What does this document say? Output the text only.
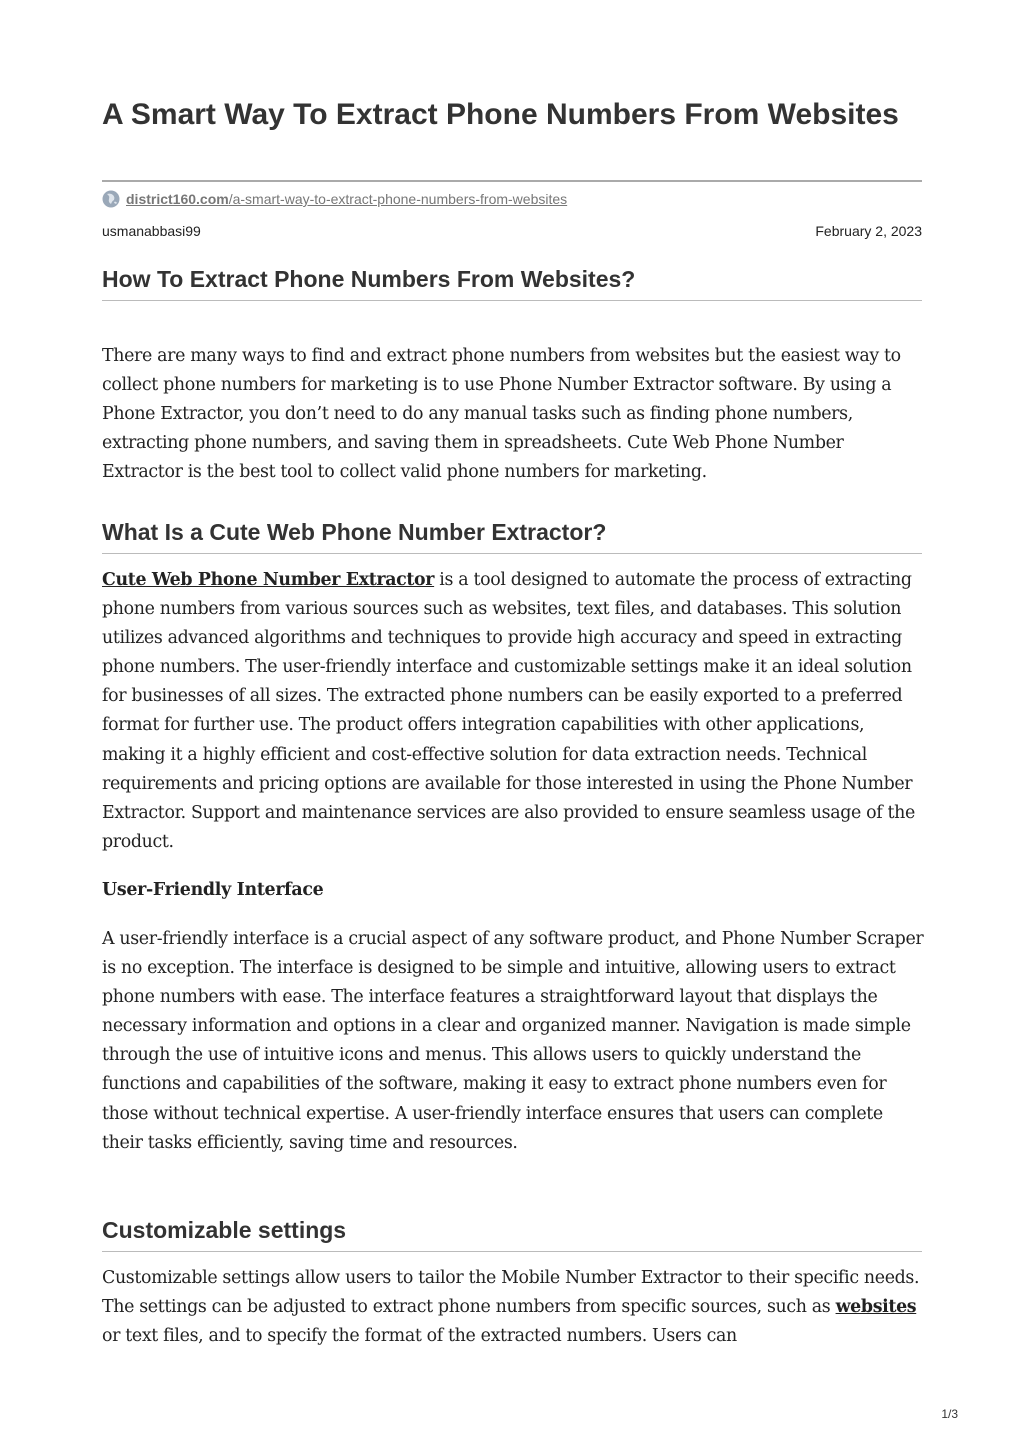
A Smart Way To Extract Phone Numbers From Websites
district160.com/a-smart-way-to-extract-phone-numbers-from-websites
usmanabbasi99	February 2, 2023
How To Extract Phone Numbers From Websites?

There are many ways to find and extract phone numbers from websites but the easiest way to collect phone numbers for marketing is to use Phone Number Extractor software. By using a Phone Extractor, you don’t need to do any manual tasks such as finding phone numbers, extracting phone numbers, and saving them in spreadsheets. Cute Web Phone Number Extractor is the best tool to collect valid phone numbers for marketing.

What Is a Cute Web Phone Number Extractor?

Cute Web Phone Number Extractor is a tool designed to automate the process of extracting phone numbers from various sources such as websites, text files, and databases. This solution utilizes advanced algorithms and techniques to provide high accuracy and speed in extracting phone numbers. The user-friendly interface and customizable settings make it an ideal solution for businesses of all sizes. The extracted phone numbers can be easily exported to a preferred format for further use. The product offers integration capabilities with other applications, making it a highly efficient and cost-effective solution for data extraction needs. Technical requirements and pricing options are available for those interested in using the Phone Number Extractor. Support and maintenance services are also provided to ensure seamless usage of the product.

User-Friendly Interface

A user-friendly interface is a crucial aspect of any software product, and Phone Number Scraper is no exception. The interface is designed to be simple and intuitive, allowing users to extract phone numbers with ease. The interface features a straightforward layout that displays the necessary information and options in a clear and organized manner. Navigation is made simple through the use of intuitive icons and menus. This allows users to quickly understand the functions and capabilities of the software, making it easy to extract phone numbers even for those without technical expertise. A user-friendly interface ensures that users can complete their tasks efficiently, saving time and resources.

Customizable settings

Customizable settings allow users to tailor the Mobile Number Extractor to their specific needs. The settings can be adjusted to extract phone numbers from specific sources, such as websites or text files, and to specify the format of the extracted numbers. Users can

1/3
